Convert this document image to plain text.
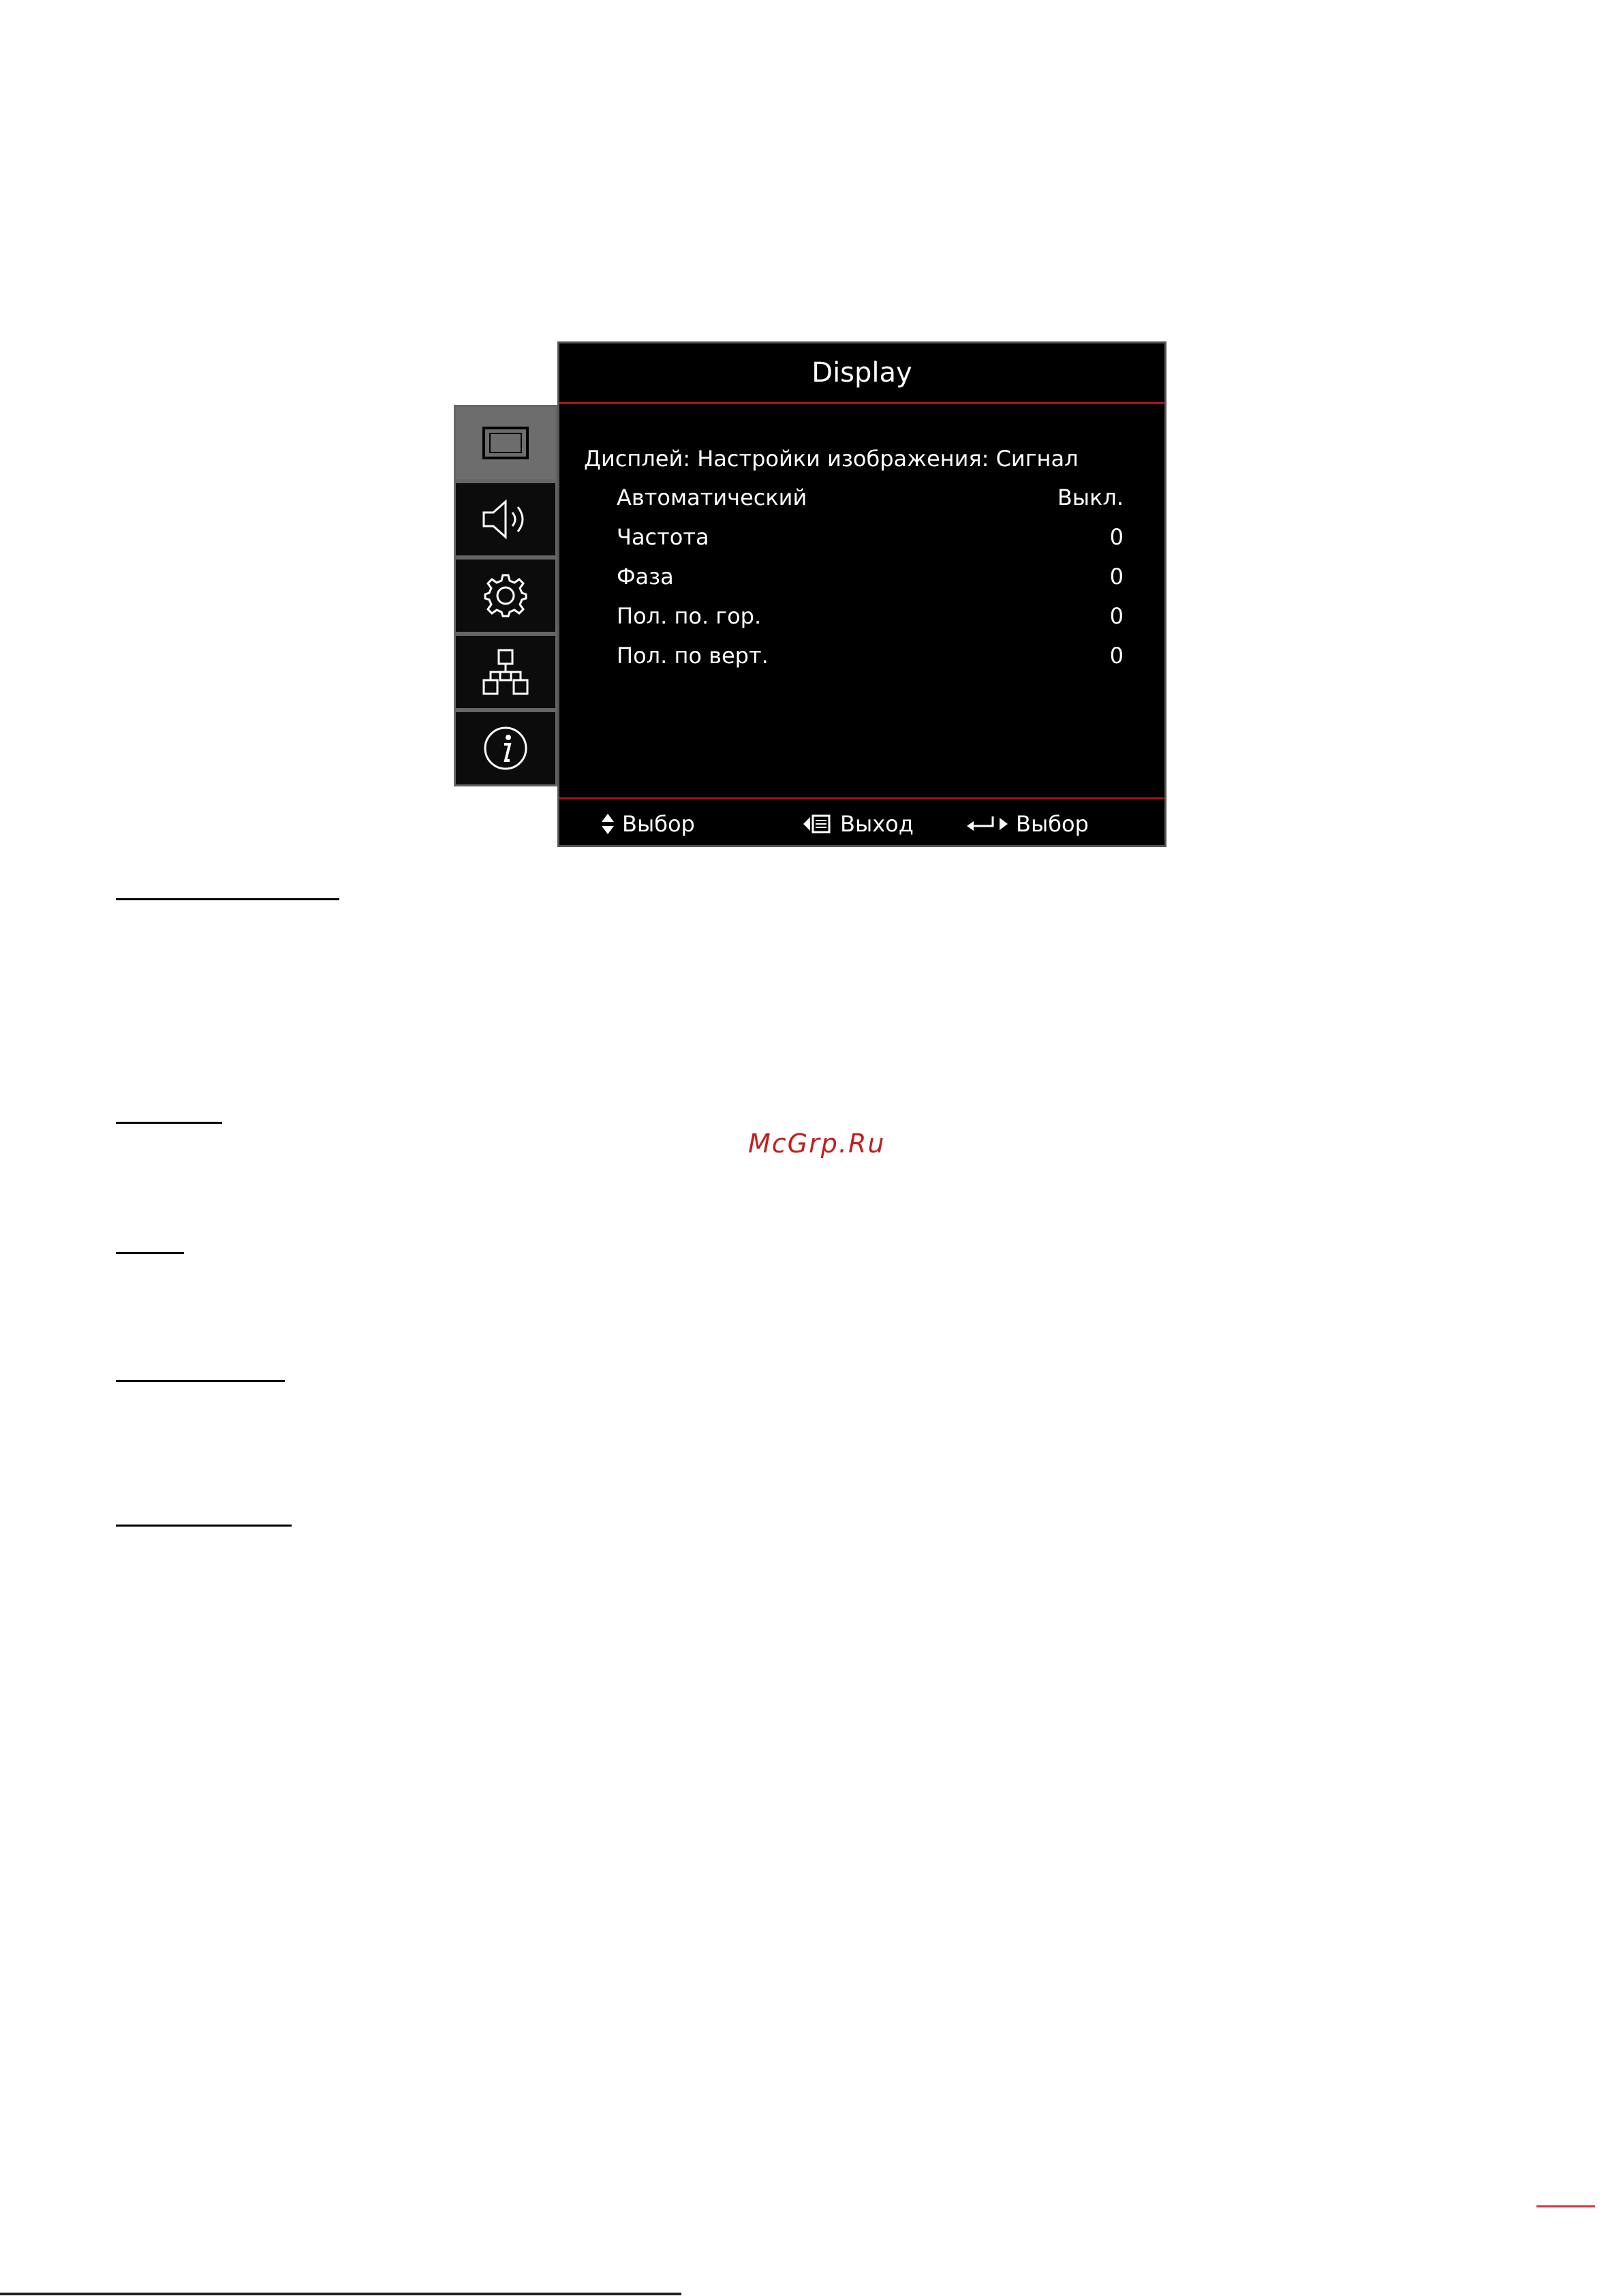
Display
Дисплей: Настройки изображения: Сигнал
Автоматический	Выкл.
Частота	0
Фаза	0
Пол. по. гор.	0
Пол. по верт.	0
Выбор	Выход	Выбор
McGrp.Ru
